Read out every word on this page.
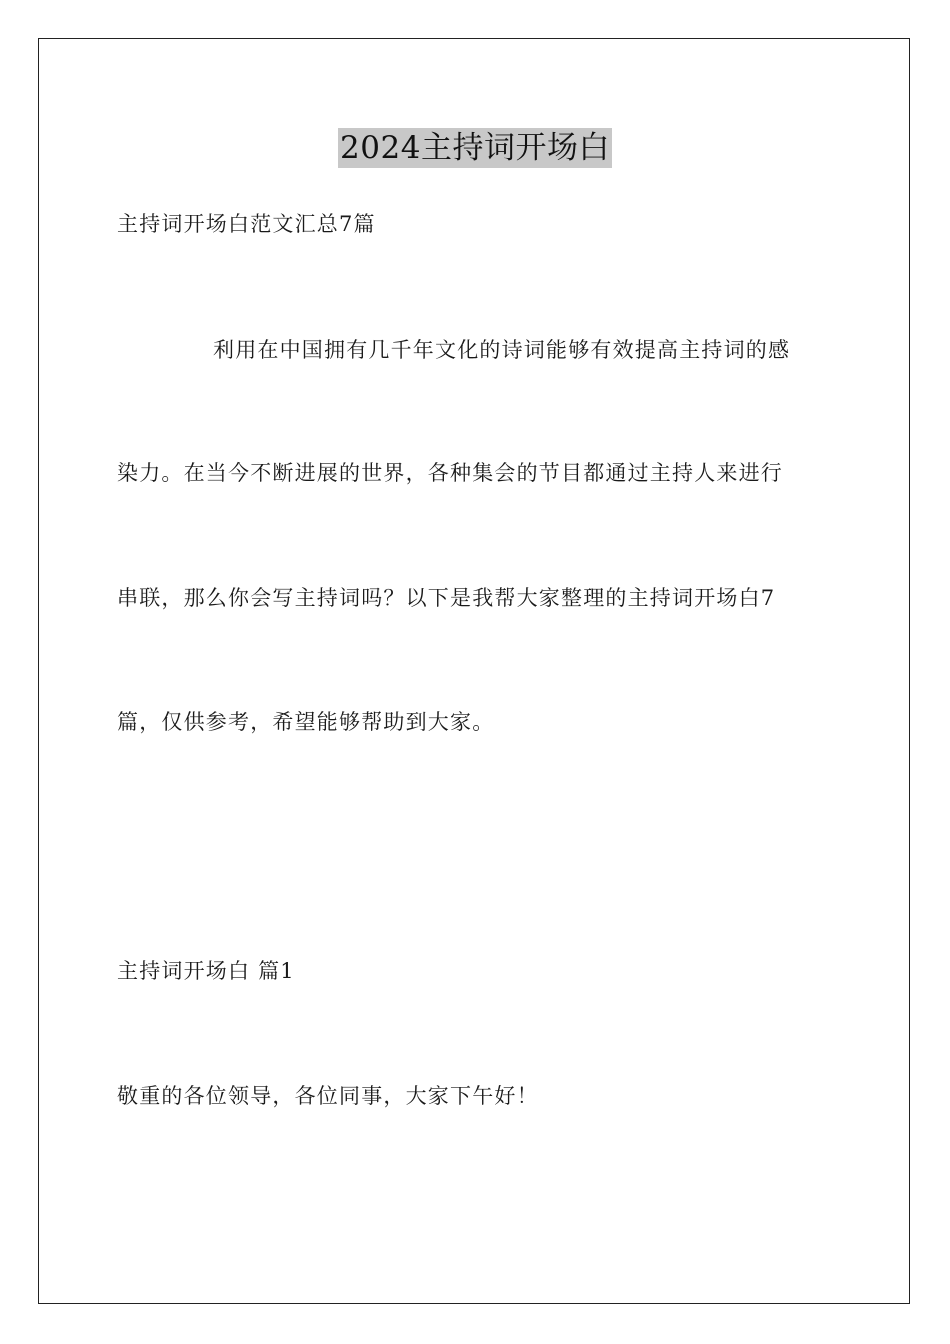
2024主持词开场白
主持词开场白范文汇总7篇
利用在中国拥有几千年文化的诗词能够有效提高主持词的感
染力。在当今不断进展的世界，各种集会的节目都通过主持人来进行
串联，那么你会写主持词吗？以下是我帮大家整理的主持词开场白7
篇，仅供参考，希望能够帮助到大家。
主持词开场白 篇1
敬重的各位领导，各位同事，大家下午好！
